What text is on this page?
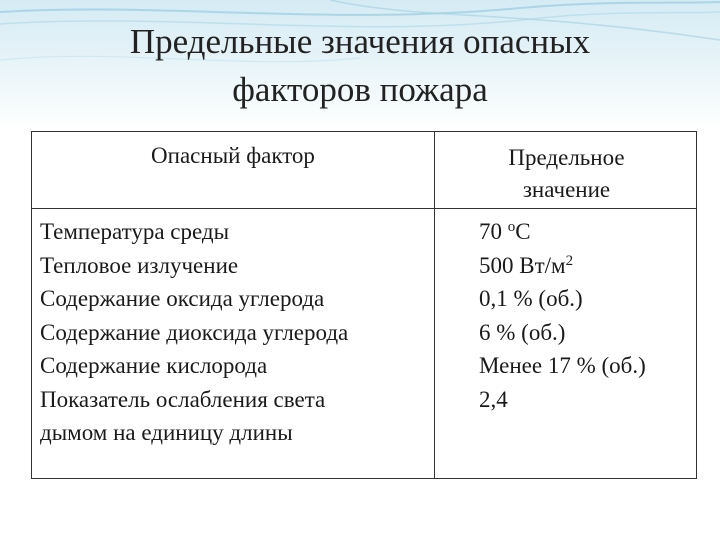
Предельные значения опасных
факторов пожара
Опасный фактор	Предельное
значение
Температура среды
Тепловое излучение
Содержание оксида углерода
Содержание диоксида углерода
Содержание кислорода
Показатель ослабления света
дымом на единицу длины
70 $^о$С
500 $Вт/м^2$
0,1 % (об.)
6 % (об.)
Менее 17 % (об.)
2,4
